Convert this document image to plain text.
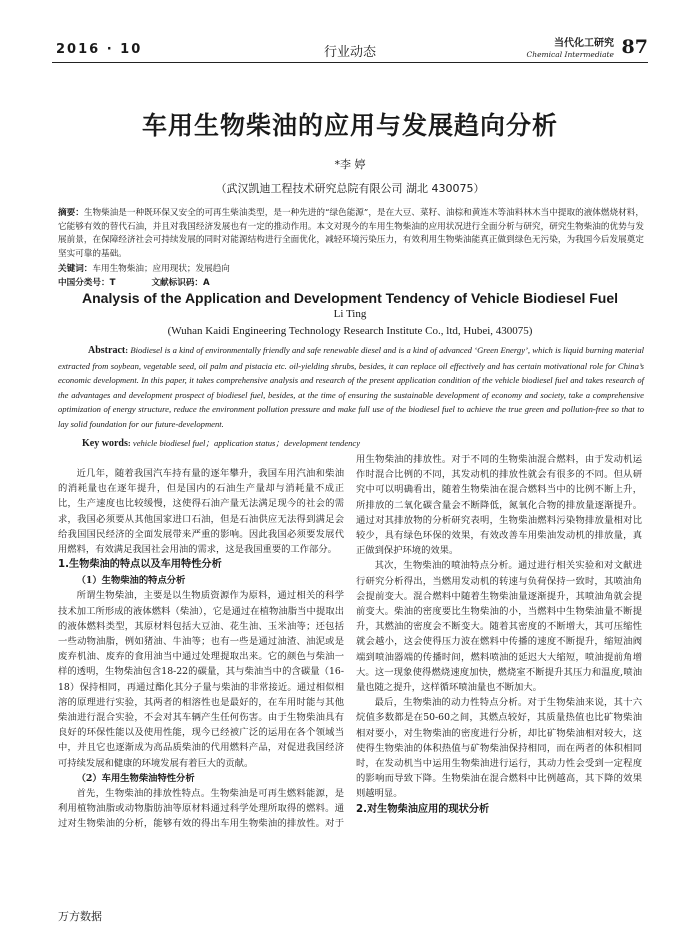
2016 · 10	行业动态
当代化工研究
Chemical Intermediate 87
车用生物柴油的应用与发展趋向分析
*李 婷
（武汉凯迪工程技术研究总院有限公司 湖北 430075）
摘要：生物柴油是一种既环保又安全的可再生柴油类型，是一种先进的“绿色能源”，是在大豆、菜籽、油棕和黄连木等油料林木当中提取的液体燃烧材料，它能够有效的替代石油，并且对我国经济发展也有一定的推动作用。本文对现今的车用生物柴油的应用状况进行全面分析与研究，研究生物柴油的优势与发展前景，在保障经济社会可持续发展的同时对能源结构进行全面优化，减轻环境污染压力，有效利用生物柴油能真正做到绿色无污染，为我国今后发展奠定坚实可靠的基础。
关键词：车用生物柴油；应用现状；发展趋向
中国分类号：T	文献标识码：A
Analysis of the Application and Development Tendency of Vehicle Biodiesel Fuel
Li Ting
(Wuhan Kaidi Engineering Technology Research Institute Co., ltd, Hubei, 430075)
Abstract: Biodiesel is a kind of environmentally friendly and safe renewable diesel and is a kind of advanced ‘Green Energy’, which is liquid burning material extracted from soybean, vegetable seed, oil palm and pistacia etc. oil-yielding shrubs, besides, it can replace oil effectively and has certain motivational role for China’s economic development. In this paper, it takes comprehensive analysis and research of the present application condition of the vehicle biodiesel fuel and takes research of the advantages and development prospect of biodiesel fuel, besides, at the time of ensuring the sustainable development of economy and society, take a comprehensive optimization of energy structure, reduce the environment pollution pressure and make full use of the biodiesel fuel to achieve the true green and pollution-free so that to lay solid foundation for our future-development.
Key words: vehicle biodiesel fuel；application status；development tendency

近几年，随着我国汽车持有量的逐年攀升，我国车用汽油和柴油的消耗量也在逐年提升，但是国内的石油生产量却与消耗量不成正比，生产速度也比较缓慢，这使得石油产量无法满足现今的社会的需求，我国必须要从其他国家进口石油，但是石油供应无法得到满足会给我国国民经济的全面发展带来严重的影响。因此我国必须要发展代用燃料，有效满足我国社会用油的需求，这是我国重要的工作部分。

1.生物柴油的特点以及车用特性分析
（1）生物柴油的特点分析

所谓生物柴油，主要是以生物质资源作为原料，通过相关的科学技术加工所形成的液体燃料（柴油），它是通过在植物油脂当中提取出的液体燃料类型，其原材料包括大豆油、花生油、玉米油等；还包括一些动物油脂，例如猪油、牛油等；也有一些是通过油渣、油泥或是废弃机油、废弃的食用油当中通过处理提取出来。它的颜色与柴油一样的透明，生物柴油包含18-22的碳量，其与柴油当中的含碳量（16-18）保持相同，再通过酯化其分子量与柴油的非常接近。通过相似相溶的原理进行实验，其两者的相溶性也是最好的，在车用时能与其他柴油进行混合实验，不会对其车辆产生任何伤害。由于生物柴油具有良好的环保性能以及使用性能，现今已经被广泛的运用在各个领域当中，并且它也逐渐成为高品质柴油的代用燃料产品，对促进我国经济可持续发展和健康的环境发展有着巨大的贡献。

（2）车用生物柴油特性分析

首先，生物柴油的排放性特点。生物柴油是可再生燃料能源，是利用植物油脂或动物脂肪油等原材料通过科学处理所取得的燃料。通过对生物柴油的分析，能够有效的得出车用生物柴油的排放性。对于

用生物柴油的排放性。对于不同的生物柴油混合燃料，由于发动机运作时混合比例的不同，其发动机的排放性就会有很多的不同。但从研究中可以明确看出，随着生物柴油在混合燃料当中的比例不断上升，所排放的二氧化碳含量会不断降低，氮氧化合物的排放量逐渐提升。通过对其排放物的分析研究表明，生物柴油燃料污染物排放量相对比较少，具有绿色环保的效果，有效改善车用柴油发动机的排放量，真正做到保护环境的效果。

其次，生物柴油的喷油特点分析。通过进行相关实验和对文献进行研究分析得出，当燃用发动机的转速与负荷保持一致时，其喷油角会提前变大。混合燃料中随着生物柴油量逐渐提升，其喷油角就会提前变大。柴油的密度要比生物柴油的小，当燃料中生物柴油量不断提升，其燃油的密度会不断变大。随着其密度的不断增大，其可压缩性就会越小，这会使得压力波在燃料中传播的速度不断提升，缩短油阀端到喷油器端的传播时间，燃料喷油的延迟大大缩短，喷油提前角增大。这一现象使得燃烧速度加快，燃烧室不断提升其压力和温度,喷油量也随之提升，这样循环喷油量也不断加大。

最后，生物柴油的动力性特点分析。对于生物柴油来说，其十六烷值多数都是在50-60之间，其燃点较好，其质量热值也比矿物柴油相对要小，对生物柴油的密度进行分析，却比矿物柴油相对较大，这使得生物柴油的体积热值与矿物柴油保持相同，而在两者的体积相同时，在发动机当中运用生物柴油进行运行，其动力性会受到一定程度的影响而导致下降。生物柴油在混合燃料中比例越高，其下降的效果则越明显。

2.对生物柴油应用的现状分析
万方数据
